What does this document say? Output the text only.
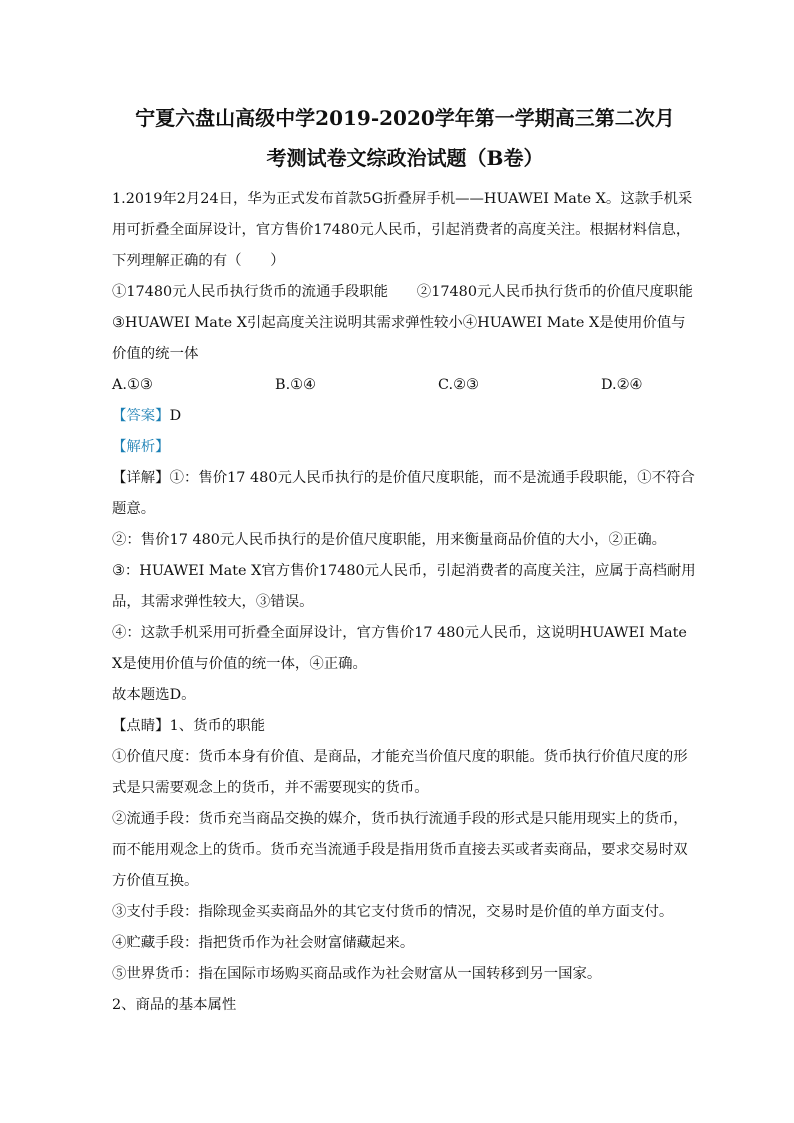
宁夏六盘山高级中学2019-2020学年第一学期高三第二次月
考测试卷文综政治试题（B卷）

1.2019年2月24日，华为正式发布首款5G折叠屏手机——HUAWEI Mate X。这款手机采用可折叠全面屏设计，官方售价17480元人民币，引起消费者的高度关注。根据材料信息，下列理解正确的有（　　）

①17480元人民币执行货币的流通手段职能　　②17480元人民币执行货币的价值尺度职能

③HUAWEI Mate X引起高度关注说明其需求弹性较小④HUAWEI Mate X是使用价值与价值的统一体

A.①③	B.①④	C.②③	D.②④

【答案】D

【解析】

【详解】①：售价17 480元人民币执行的是价值尺度职能，而不是流通手段职能，①不符合题意。

②：售价17 480元人民币执行的是价值尺度职能，用来衡量商品价值的大小，②正确。

③：HUAWEI Mate X官方售价17480元人民币，引起消费者的高度关注，应属于高档耐用品，其需求弹性较大，③错误。

④：这款手机采用可折叠全面屏设计，官方售价17 480元人民币，这说明HUAWEI Mate X是使用价值与价值的统一体，④正确。

故本题选D。

【点睛】1、货币的职能

①价值尺度：货币本身有价值、是商品，才能充当价值尺度的职能。货币执行价值尺度的形式是只需要观念上的货币，并不需要现实的货币。

②流通手段：货币充当商品交换的媒介，货币执行流通手段的形式是只能用现实上的货币，而不能用观念上的货币。货币充当流通手段是指用货币直接去买或者卖商品，要求交易时双方价值互换。

③支付手段：指除现金买卖商品外的其它支付货币的情况，交易时是价值的单方面支付。

④贮藏手段：指把货币作为社会财富储藏起来。

⑤世界货币：指在国际市场购买商品或作为社会财富从一国转移到另一国家。

2、商品的基本属性
